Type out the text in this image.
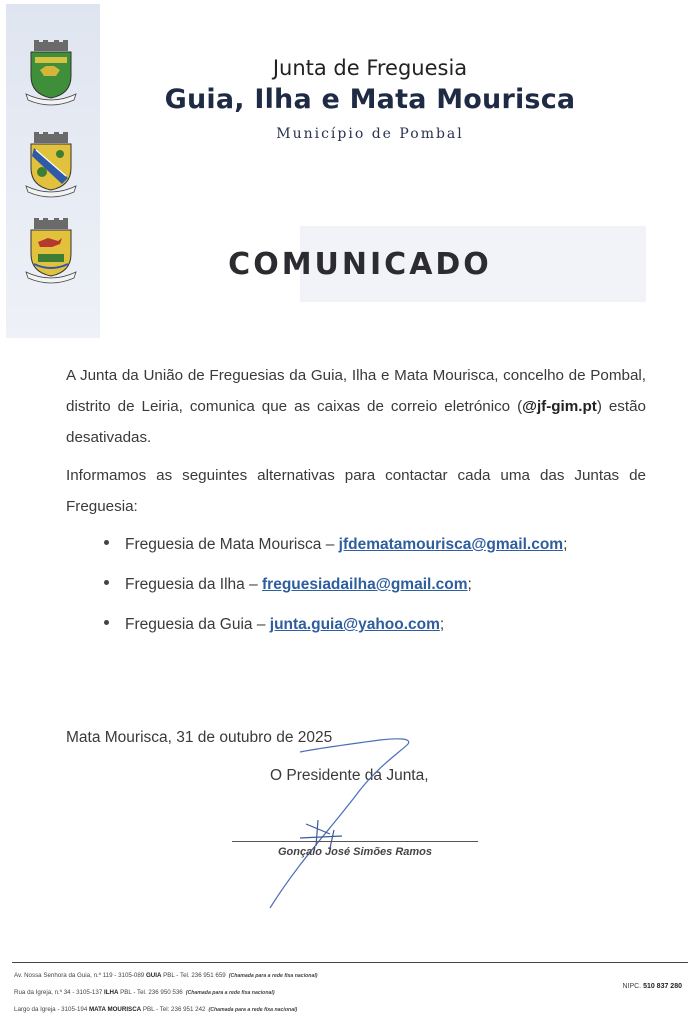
Junta de Freguesia
Guia, Ilha e Mata Mourisca
Município de Pombal
COMUNICADO
A Junta da União de Freguesias da Guia, Ilha e Mata Mourisca, concelho de Pombal, distrito de Leiria, comunica que as caixas de correio eletrónico (@jf-gim.pt) estão desativadas.
Informamos as seguintes alternativas para contactar cada uma das Juntas de Freguesia:
Freguesia de Mata Mourisca – jfdematamourisca@gmail.com;
Freguesia da Ilha – freguesiadailha@gmail.com;
Freguesia da Guia – junta.guia@yahoo.com;
Mata Mourisca, 31 de outubro de 2025
O Presidente da Junta,
Gonçalo José Simões Ramos
Av. Nossa Senhora da Guia, n.º 119 - 3105-089 GUIA PBL - Tel. 236 951 659 (Chamada para a rede fixa nacional)
Rua da Igreja, n.º 34 - 3105-137 ILHA PBL - Tel. 236 950 536 (Chamada para a rede fixa nacional)
Largo da Igreja - 3105-194 MATA MOURISCA PBL - Tel: 236 951 242 (Chamada para a rede fixa nacional)
NIPC. 510 837 280
